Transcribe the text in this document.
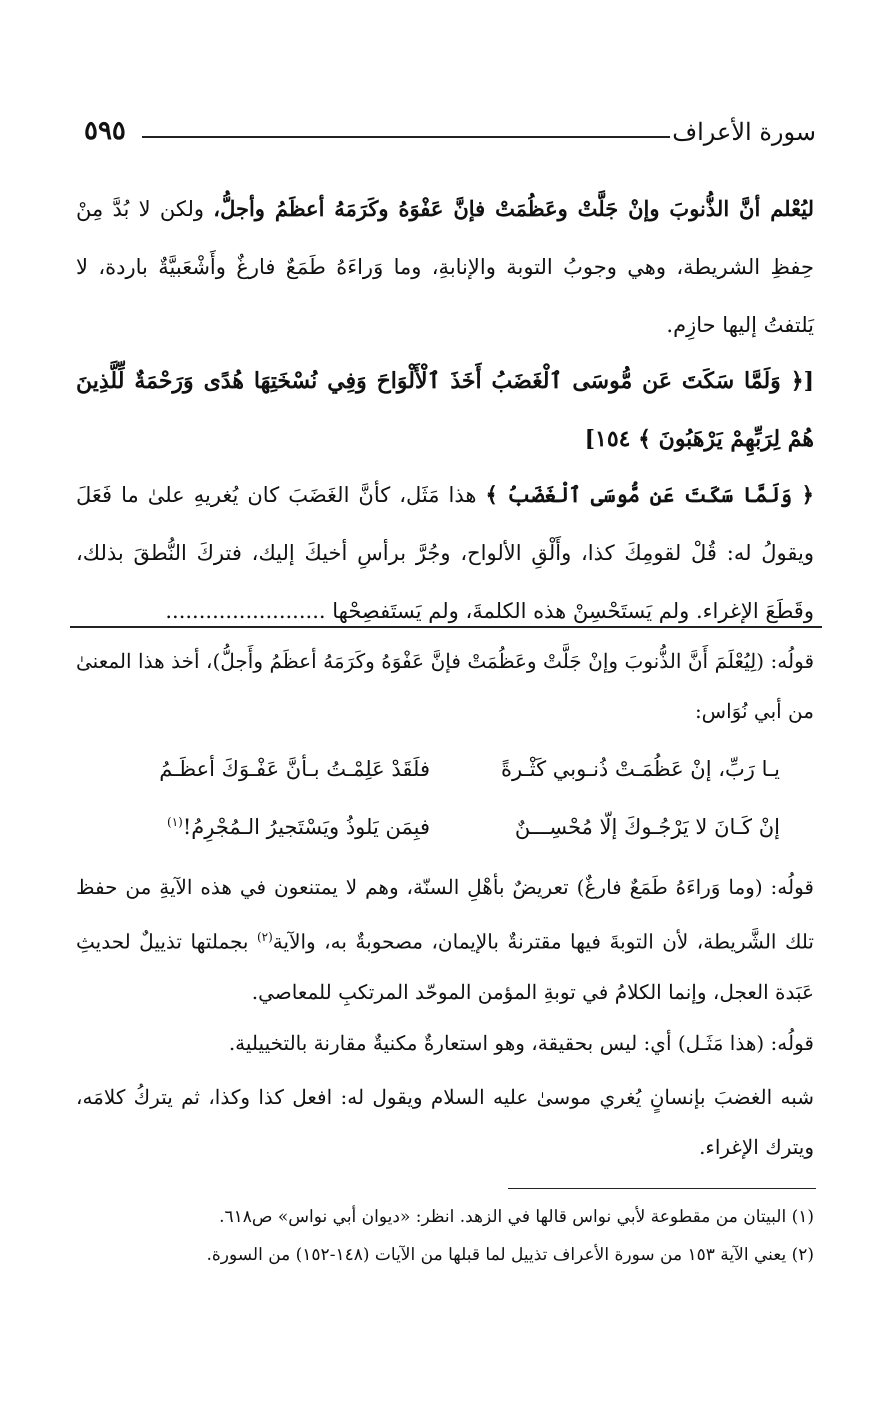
٥٩٥	سورة الأعراف

ليُعْلم أنَّ الذُّنوبَ وإنْ جَلَّتْ وعَظُمَتْ فإنَّ عَفْوَهُ وكَرَمَهُ أعظَمُ وأجلُّ، ولكن لا بُدَّ مِنْ حِفظِ الشريطة، وهي وجوبُ التوبة والإنابةِ، وما وَراءَهُ طَمَعٌ فارغٌ وأَشْعَبيَّةٌ باردة، لا يَلتفتُ إليها حازِم.

[﴿ وَلَمَّا سَكَتَ عَن مُّوسَى ٱلْغَضَبُ أَخَذَ ٱلْأَلْوَاحَ وَفِي نُسْخَتِهَا هُدًى وَرَحْمَةٌ لِّلَّذِينَ هُمْ لِرَبِّهِمْ يَرْهَبُونَ ﴾ ١٥٤]

﴿ وَلَمَّا سَكَتَ عَن مُّوسَى ٱلْغَضَبُ ﴾ هذا مَثَل، كأنَّ الغَضَبَ كان يُغريهِ علىٰ ما فَعَلَ ويقولُ له: قُلْ لقومِكَ كذا، وأَلْقِ الألواح، وجُرَّ برأسِ أخيكَ إليك، فتركَ النُّطقَ بذلك، وقَطَعَ الإغراء. ولم يَستَحْسِنْ هذه الكلمةَ، ولم يَستَفصِحْها ........................

قولُه: (لِيُعْلَمَ أَنَّ الذُّنوبَ وإنْ جَلَّتْ وعَظُمَتْ فإنَّ عَفْوَهُ وكَرَمَهُ أعظَمُ وأَجلُّ)، أخذ هذا المعنىٰ من أبي نُوَاس:

يـا رَبِّ، إنْ عَظُمَـتْ ذُنـوبي كَثْـرةً
فلَقَدْ عَلِمْـتُ بـأنَّ عَفْـوَكَ أعظَـمُ
إنْ كَـانَ لا يَرْجُـوكَ إلّا مُحْسِـــنٌ
فبِمَن يَلوذُ ويَسْتَجيرُ الـمُجْرِمُ!$^{(١)}$

قولُه: (وما وَراءَهُ طَمَعٌ فارغٌ) تعريضٌ بأهْلِ السنّة، وهم لا يمتنعون في هذه الآيةِ من حفظ تلك الشَّريطة، لأن التوبةَ فيها مقترنةٌ بالإيمان، مصحوبةٌ به، والآية$^{(٢)}$ بجملتها تذييلٌ لحديثِ عَبَدة العجل، وإنما الكلامُ في توبةِ المؤمن الموحّد المرتكبِ للمعاصي.

قولُه: (هذا مَثَـل) أي: ليس بحقيقة، وهو استعارةٌ مكنيةٌ مقارنة بالتخييلية.

شبه الغضبَ بإنسانٍ يُغري موسىٰ عليه السلام ويقول له: افعل كذا وكذا، ثم يتركُ كلامَه، ويترك الإغراء.

(١) البيتان من مقطوعة لأبي نواس قالها في الزهد. انظر: «ديوان أبي نواس» ص٦١٨.

(٢) يعني الآية ١٥٣ من سورة الأعراف تذييل لما قبلها من الآيات (١٤٨-١٥٢) من السورة.
